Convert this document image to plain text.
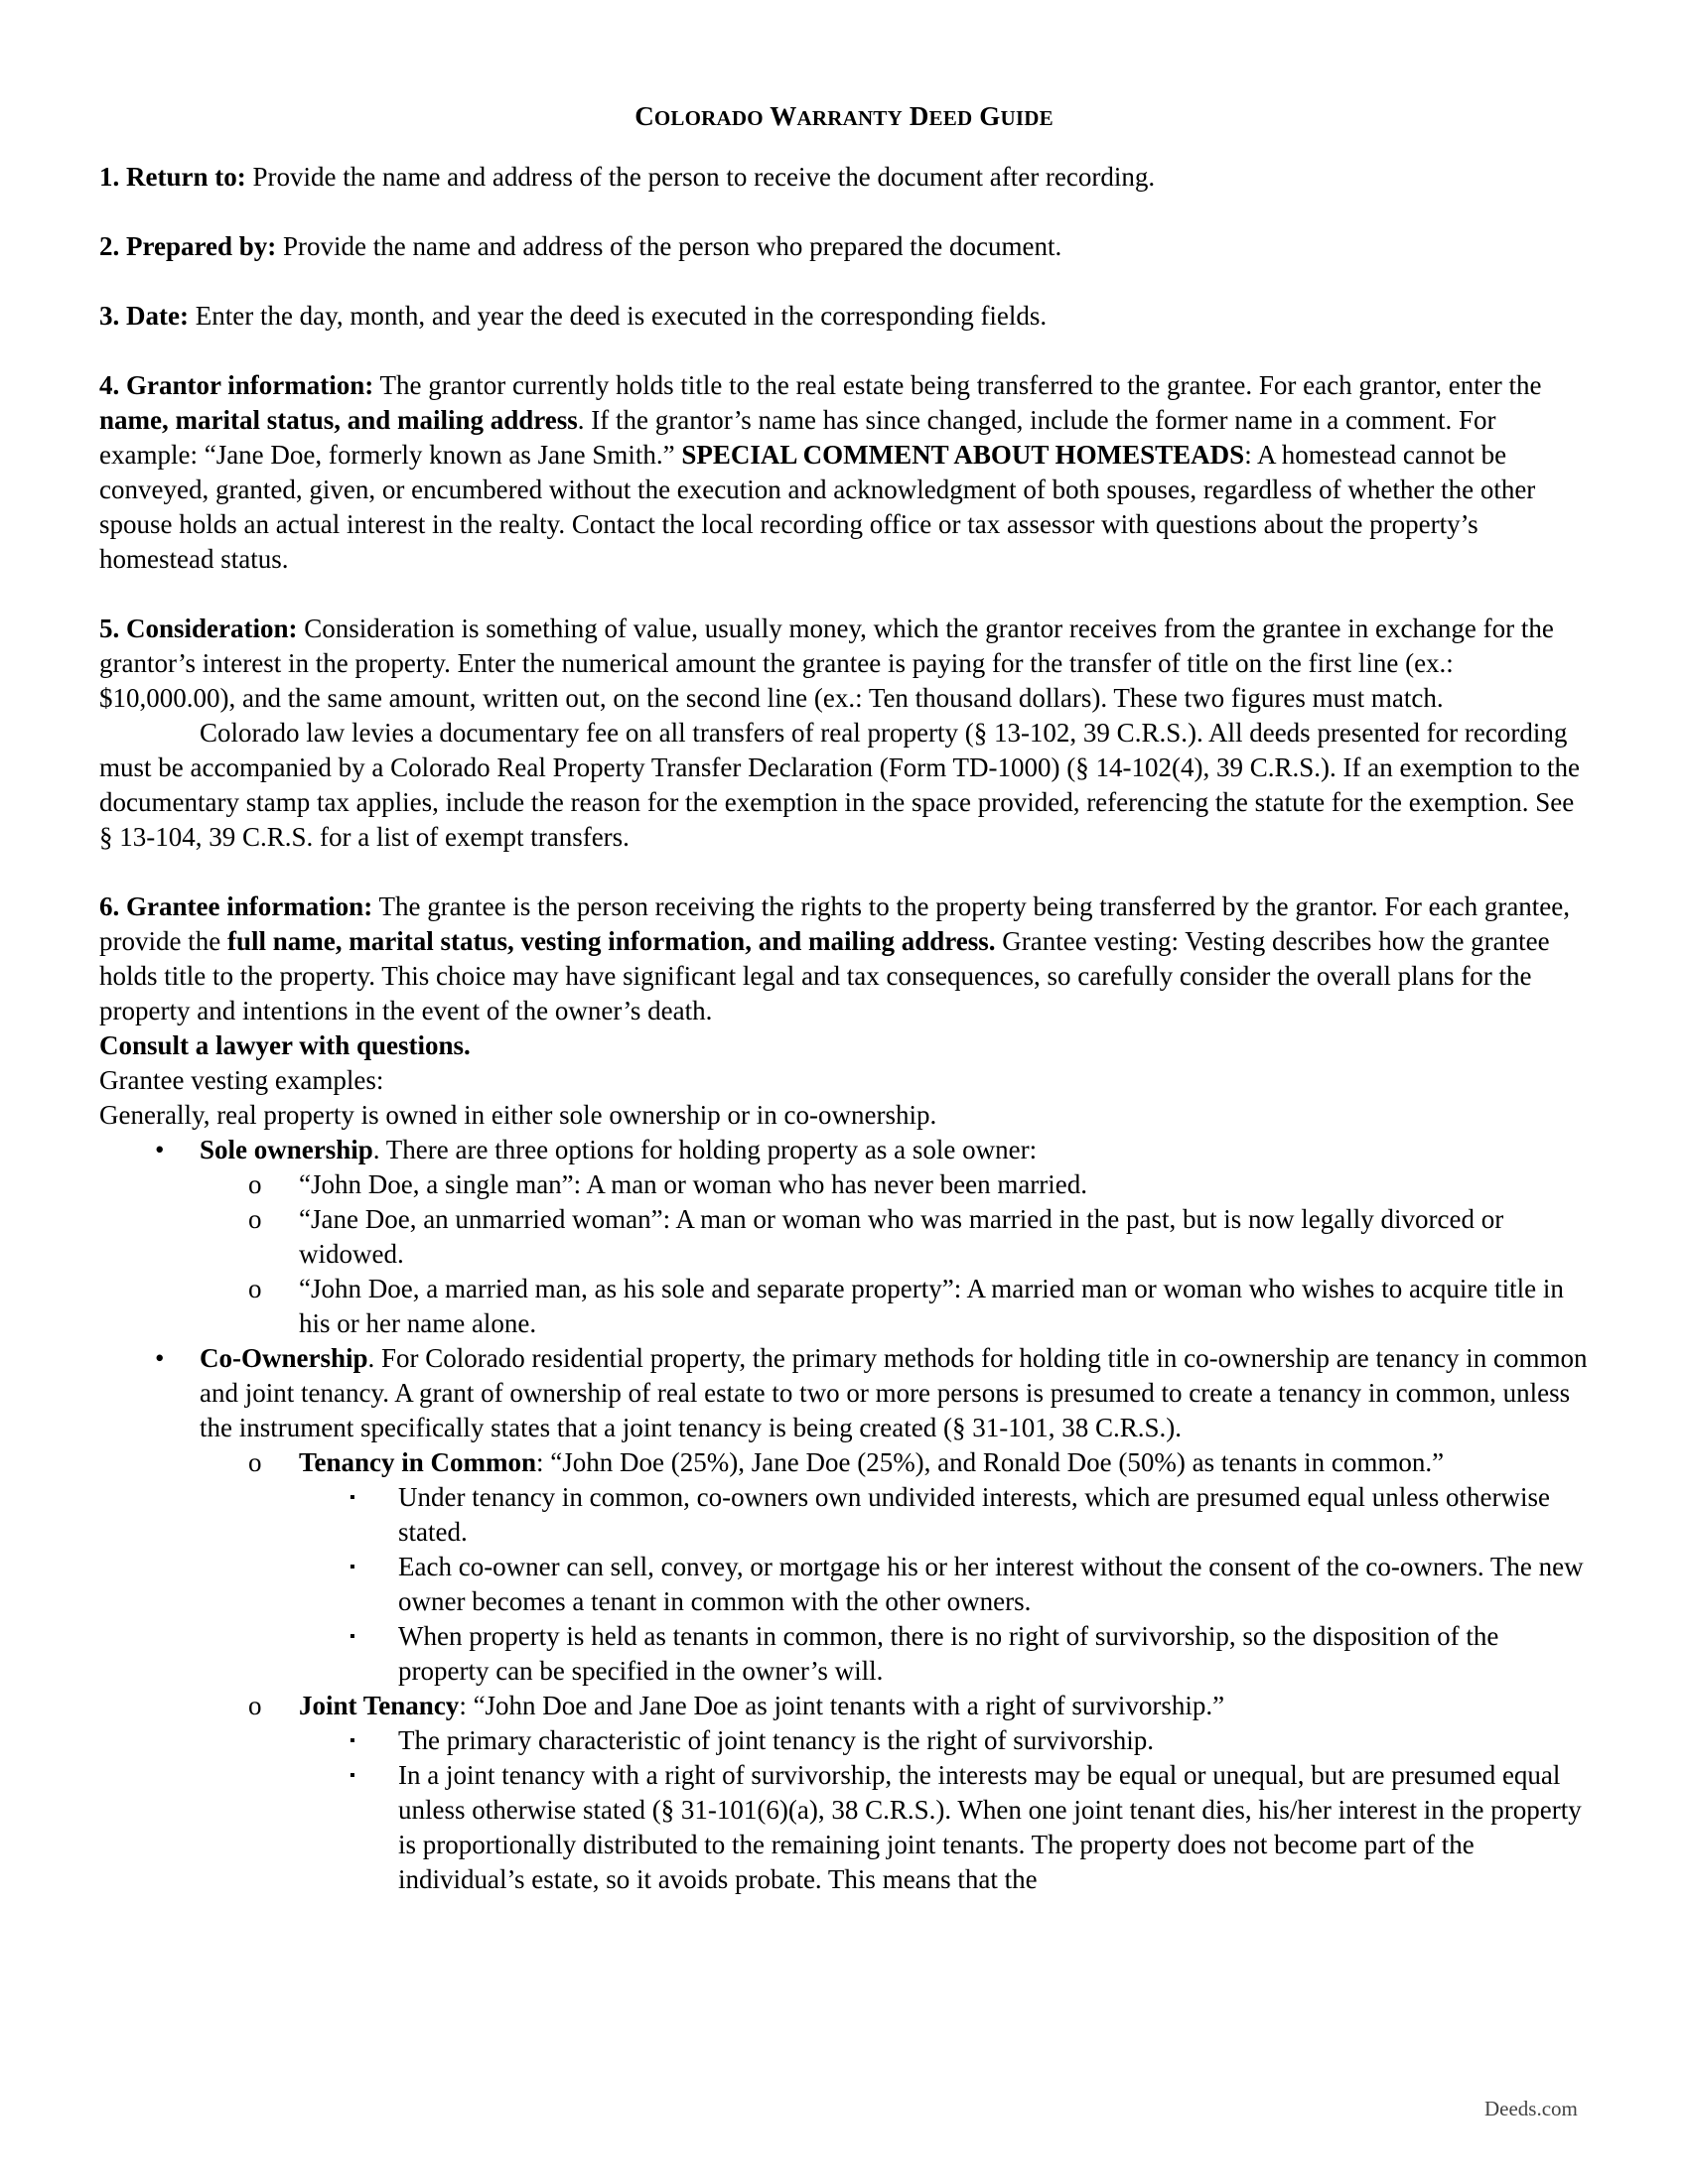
COLORADO WARRANTY DEED GUIDE

1. Return to: Provide the name and address of the person to receive the document after recording.

2. Prepared by: Provide the name and address of the person who prepared the document.

3. Date: Enter the day, month, and year the deed is executed in the corresponding fields.

4. Grantor information: The grantor currently holds title to the real estate being transferred to the grantee. For each grantor, enter the name, marital status, and mailing address. If the grantor’s name has since changed, include the former name in a comment. For example: “Jane Doe, formerly known as Jane Smith.” SPECIAL COMMENT ABOUT HOMESTEADS: A homestead cannot be conveyed, granted, given, or encumbered without the execution and acknowledgment of both spouses, regardless of whether the other spouse holds an actual interest in the realty. Contact the local recording office or tax assessor with questions about the property’s homestead status.

5. Consideration: Consideration is something of value, usually money, which the grantor receives from the grantee in exchange for the grantor’s interest in the property. Enter the numerical amount the grantee is paying for the transfer of title on the first line (ex.: $10,000.00), and the same amount, written out, on the second line (ex.: Ten thousand dollars). These two figures must match.

Colorado law levies a documentary fee on all transfers of real property (§ 13-102, 39 C.R.S.). All deeds presented for recording must be accompanied by a Colorado Real Property Transfer Declaration (Form TD-1000) (§ 14-102(4), 39 C.R.S.). If an exemption to the documentary stamp tax applies, include the reason for the exemption in the space provided, referencing the statute for the exemption. See § 13-104, 39 C.R.S. for a list of exempt transfers.

6. Grantee information: The grantee is the person receiving the rights to the property being transferred by the grantor. For each grantee, provide the full name, marital status, vesting information, and mailing address. Grantee vesting: Vesting describes how the grantee holds title to the property. This choice may have significant legal and tax consequences, so carefully consider the overall plans for the property and intentions in the event of the owner’s death.

Consult a lawyer with questions.

Grantee vesting examples:

Generally, real property is owned in either sole ownership or in co-ownership.

• Sole ownership. There are three options for holding property as a sole owner:
o “John Doe, a single man”: A man or woman who has never been married.
o “Jane Doe, an unmarried woman”: A man or woman who was married in the past, but is now legally divorced or widowed.
o “John Doe, a married man, as his sole and separate property”: A married man or woman who wishes to acquire title in his or her name alone.
• Co-Ownership. For Colorado residential property, the primary methods for holding title in co-ownership are tenancy in common and joint tenancy. A grant of ownership of real estate to two or more persons is presumed to create a tenancy in common, unless the instrument specifically states that a joint tenancy is being created (§ 31-101, 38 C.R.S.).
o Tenancy in Common: “John Doe (25%), Jane Doe (25%), and Ronald Doe (50%) as tenants in common.”
▪ Under tenancy in common, co-owners own undivided interests, which are presumed equal unless otherwise stated.
▪ Each co-owner can sell, convey, or mortgage his or her interest without the consent of the co-owners. The new owner becomes a tenant in common with the other owners.
▪ When property is held as tenants in common, there is no right of survivorship, so the disposition of the property can be specified in the owner’s will.
o Joint Tenancy: “John Doe and Jane Doe as joint tenants with a right of survivorship.”
▪ The primary characteristic of joint tenancy is the right of survivorship.
▪ In a joint tenancy with a right of survivorship, the interests may be equal or unequal, but are presumed equal unless otherwise stated (§ 31-101(6)(a), 38 C.R.S.). When one joint tenant dies, his/her interest in the property is proportionally distributed to the remaining joint tenants. The property does not become part of the individual’s estate, so it avoids probate. This means that the
Deeds.com
